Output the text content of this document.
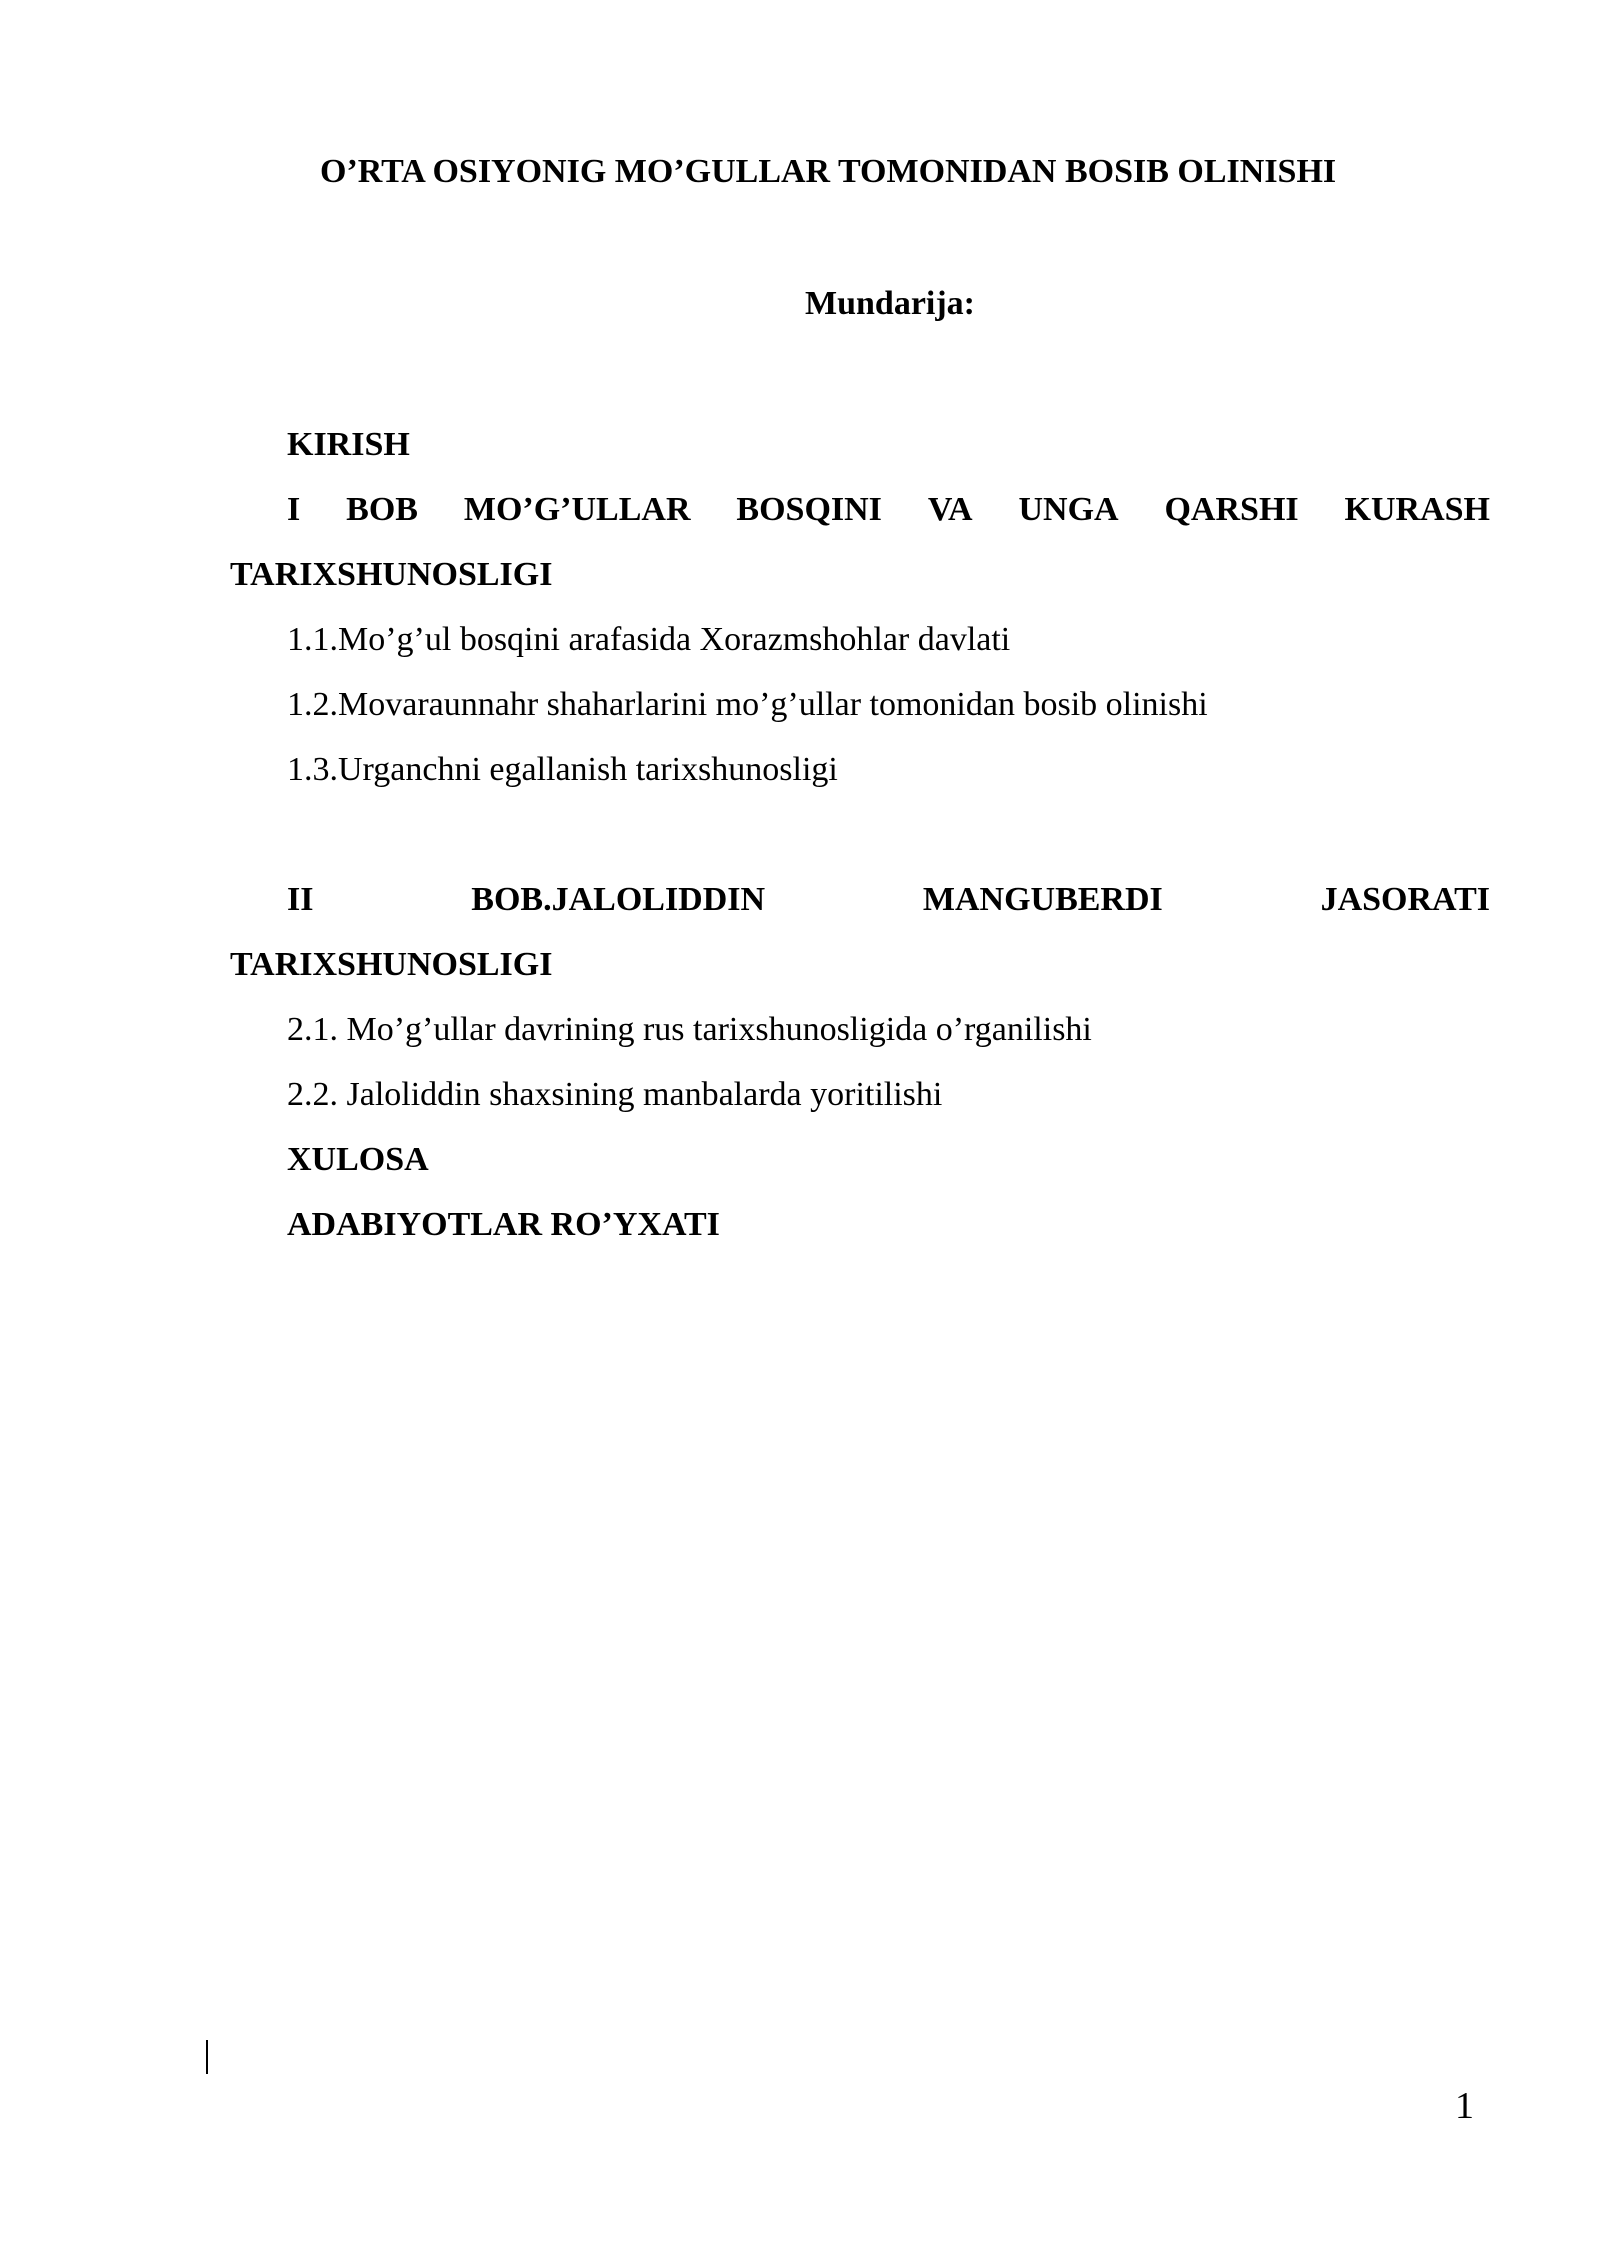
O’RTA OSIYONIG MO’GULLAR TOMONIDAN BOSIB OLINISHI
Mundarija:
KIRISH
I BOB MO’G’ULLAR BOSQINI VA UNGA QARSHI KURASH
TARIXSHUNOSLIGI
1.1.Mo’g’ul bosqini arafasida Xorazmshohlar davlati
1.2.Movaraunnahr shaharlarini mo’g’ullar tomonidan bosib olinishi
1.3.Urganchni egallanish tarixshunosligi
II	BOB.JALOLIDDIN	MANGUBERDI	JASORATI
TARIXSHUNOSLIGI
2.1. Mo’g’ullar davrining rus tarixshunosligida o’rganilishi
2.2. Jaloliddin shaxsining manbalarda yoritilishi
XULOSA
ADABIYOTLAR RO’YXATI
1
